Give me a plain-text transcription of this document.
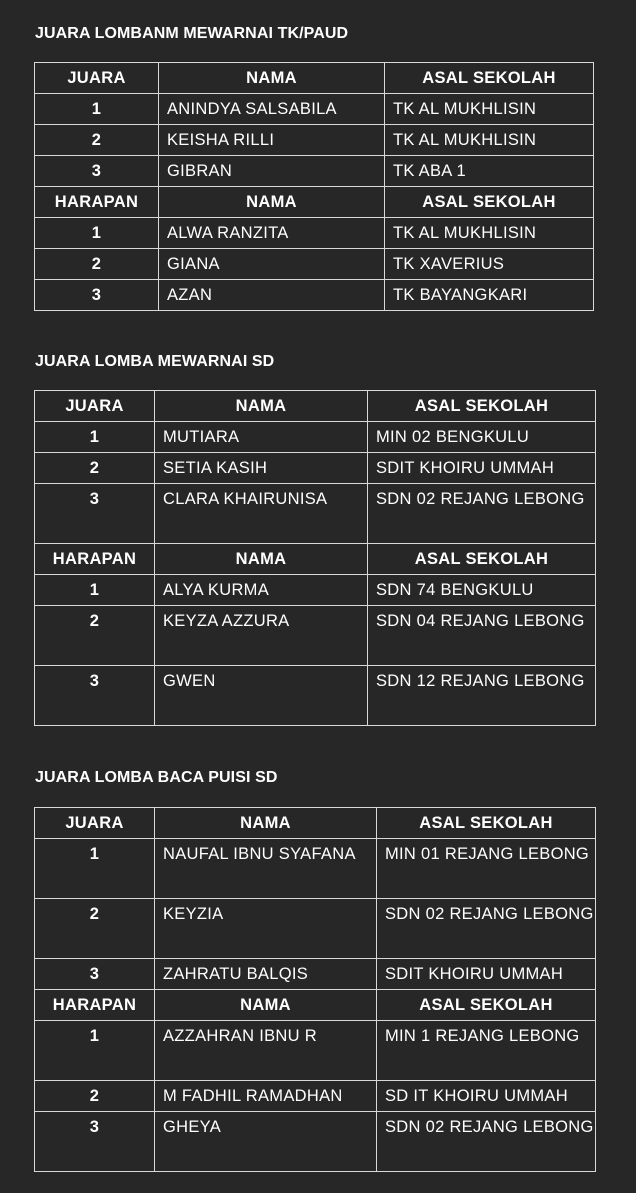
JUARA LOMBANM MEWARNAI TK/PAUD
JUARA	NAMA	ASAL SEKOLAH
1	ANINDYA SALSABILA	TK AL MUKHLISIN
2	KEISHA RILLI	TK AL MUKHLISIN
3	GIBRAN	TK ABA 1
HARAPAN	NAMA	ASAL SEKOLAH
1	ALWA RANZITA	TK AL MUKHLISIN
2	GIANA	TK XAVERIUS
3	AZAN	TK BAYANGKARI
JUARA LOMBA MEWARNAI SD
JUARA	NAMA	ASAL SEKOLAH
1	MUTIARA	MIN 02 BENGKULU
2	SETIA KASIH	SDIT KHOIRU UMMAH
3	CLARA KHAIRUNISA	SDN 02 REJANG LEBONG
HARAPAN	NAMA	ASAL SEKOLAH
1	ALYA KURMA	SDN 74 BENGKULU
2	KEYZA AZZURA	SDN 04 REJANG LEBONG
3	GWEN	SDN 12 REJANG LEBONG
JUARA LOMBA BACA PUISI SD
JUARA	NAMA	ASAL SEKOLAH
1	NAUFAL IBNU SYAFANA	MIN 01 REJANG LEBONG
2	KEYZIA	SDN 02 REJANG LEBONG
3	ZAHRATU BALQIS	SDIT KHOIRU UMMAH
HARAPAN	NAMA	ASAL SEKOLAH
1	AZZAHRAN IBNU R	MIN 1 REJANG LEBONG
2	M FADHIL RAMADHAN	SD IT KHOIRU UMMAH
3	GHEYA	SDN 02 REJANG LEBONG
